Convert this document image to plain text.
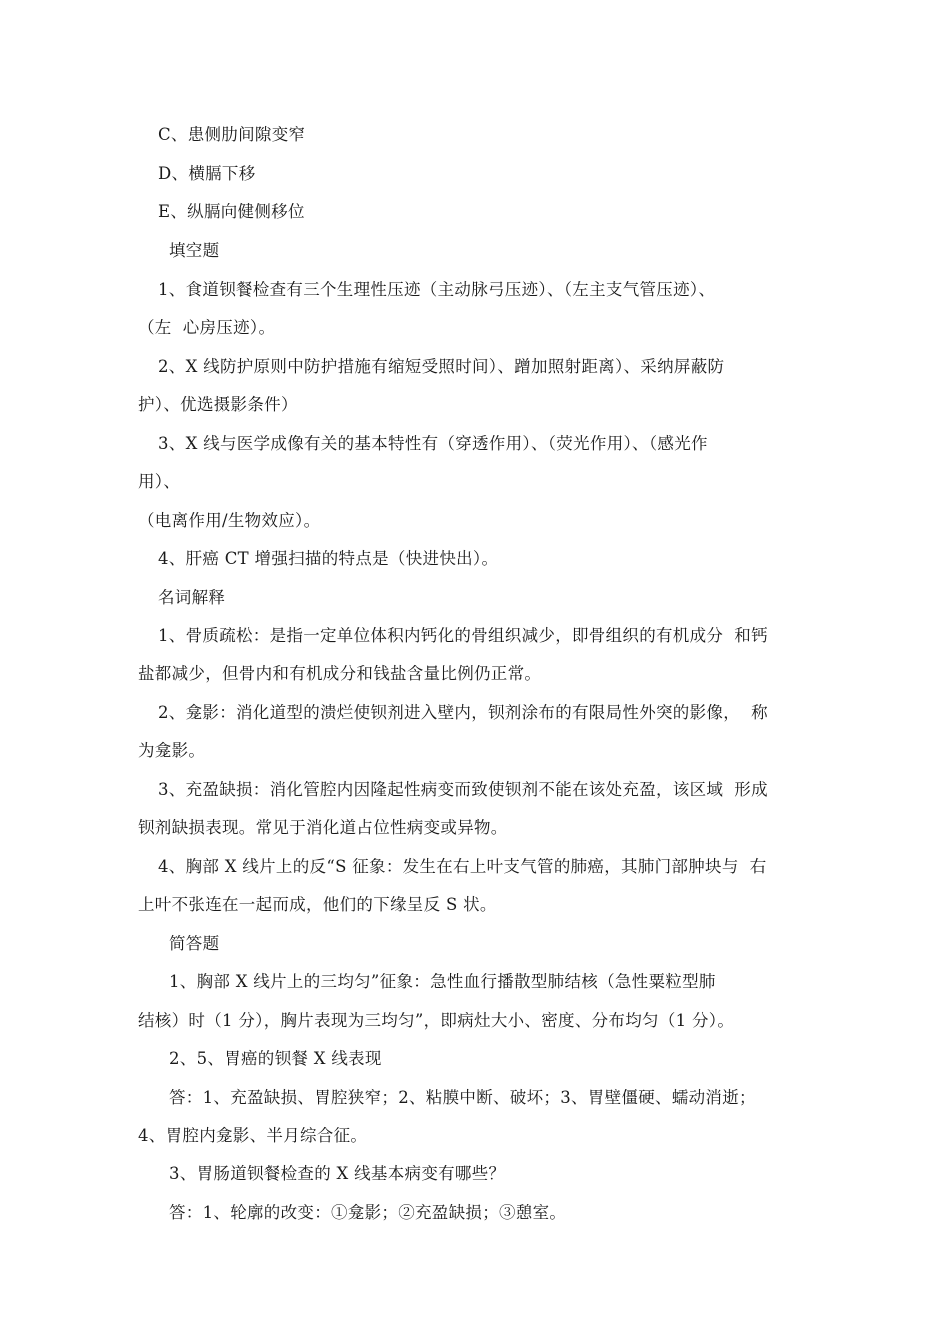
C、患侧肋间隙变窄
D、横膈下移
E、纵膈向健侧移位
填空题
1、食道钡餐检查有三个生理性压迹（主动脉弓压迹）、（左主支气管压迹）、
（左  心房压迹）。
2、X 线防护原则中防护措施有缩短受照时间）、蹭加照射距离）、采纳屏蔽防
护）、优选摄影条件）
3、X 线与医学成像有关的基本特性有（穿透作用）、（荧光作用）、（感光作
用）、
（电离作用/生物效应）。
4、肝癌 CT 增强扫描的特点是（快进快出）。
名词解释
1、骨质疏松：是指一定单位体积内钙化的骨组织减少，即骨组织的有机成分  和钙
盐都减少，但骨内和有机成分和钱盐含量比例仍正常。
2、龛影：消化道型的溃烂使钡剂进入壁内，钡剂涂布的有限局性外突的影像，  称
为龛影。
3、充盈缺损：消化管腔内因隆起性病变而致使钡剂不能在该处充盈，该区域  形成
钡剂缺损表现。常见于消化道占位性病变或异物。
4、胸部 X 线片上的反“S 征象：发生在右上叶支气管的肺癌，其肺门部肿块与  右
上叶不张连在一起而成，他们的下缘呈反 S 状。
简答题
1、胸部 X 线片上的三均匀”征象：急性血行播散型肺结核（急性粟粒型肺
结核）时（1 分），胸片表现为三均匀”，即病灶大小、密度、分布均匀（1 分）。
2、5、胃癌的钡餐 X 线表现
答：1、充盈缺损、胃腔狭窄；2、粘膜中断、破坏；3、胃壁僵硬、蠕动消逝；
4、胃腔内龛影、半月综合征。
3、胃肠道钡餐检查的 X 线基本病变有哪些？
答：1、轮廓的改变：①龛影；②充盈缺损；③憩室。
